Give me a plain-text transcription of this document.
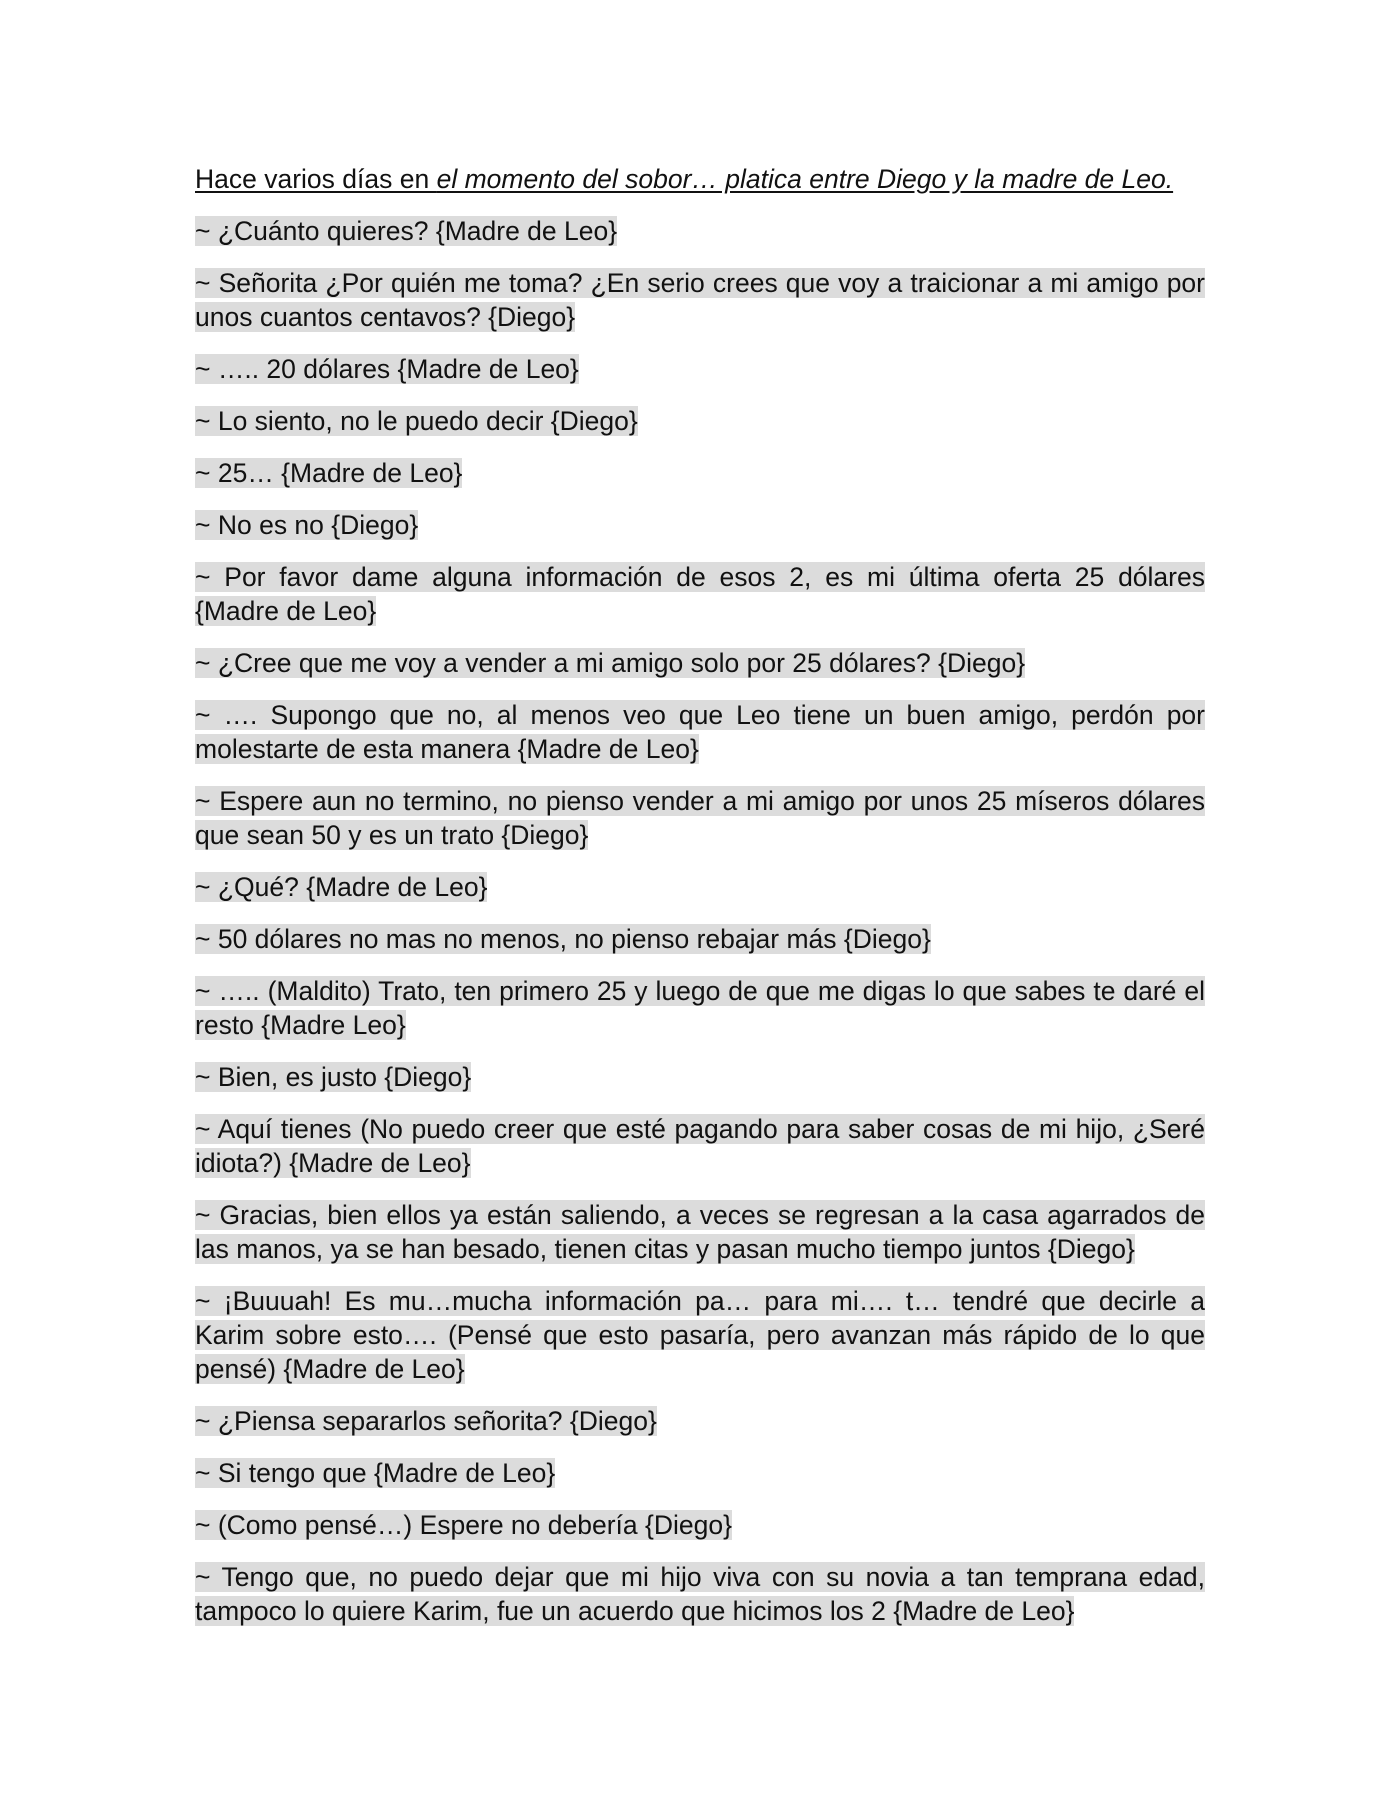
Hace varios días en el momento del sobor… platica entre Diego y la madre de Leo.

~ ¿Cuánto quieres? {Madre de Leo}

~ Señorita ¿Por quién me toma? ¿En serio crees que voy a traicionar a mi amigo por unos cuantos centavos? {Diego}

~ ….. 20 dólares {Madre de Leo}

~ Lo siento, no le puedo decir {Diego}

~ 25… {Madre de Leo}

~ No es no {Diego}

~ Por favor dame alguna información de esos 2, es mi última oferta 25 dólares {Madre de Leo}

~ ¿Cree que me voy a vender a mi amigo solo por 25 dólares? {Diego}

~ …. Supongo que no, al menos veo que Leo tiene un buen amigo, perdón por molestarte de esta manera {Madre de Leo}

~ Espere aun no termino, no pienso vender a mi amigo por unos 25 míseros dólares que sean 50 y es un trato {Diego}

~ ¿Qué? {Madre de Leo}

~ 50 dólares no mas no menos, no pienso rebajar más {Diego}

~ ….. (Maldito) Trato, ten primero 25 y luego de que me digas lo que sabes te daré el resto {Madre Leo}

~ Bien, es justo {Diego}

~ Aquí tienes (No puedo creer que esté pagando para saber cosas de mi hijo, ¿Seré idiota?) {Madre de Leo}

~ Gracias, bien ellos ya están saliendo, a veces se regresan a la casa agarrados de las manos, ya se han besado, tienen citas y pasan mucho tiempo juntos {Diego}

~ ¡Buuuah! Es mu…mucha información pa… para mi…. t… tendré que decirle a Karim sobre esto…. (Pensé que esto pasaría, pero avanzan más rápido de lo que pensé) {Madre de Leo}

~ ¿Piensa separarlos señorita? {Diego}

~ Si tengo que {Madre de Leo}

~ (Como pensé…) Espere no debería {Diego}

~ Tengo que, no puedo dejar que mi hijo viva con su novia a tan temprana edad, tampoco lo quiere Karim, fue un acuerdo que hicimos los 2 {Madre de Leo}
